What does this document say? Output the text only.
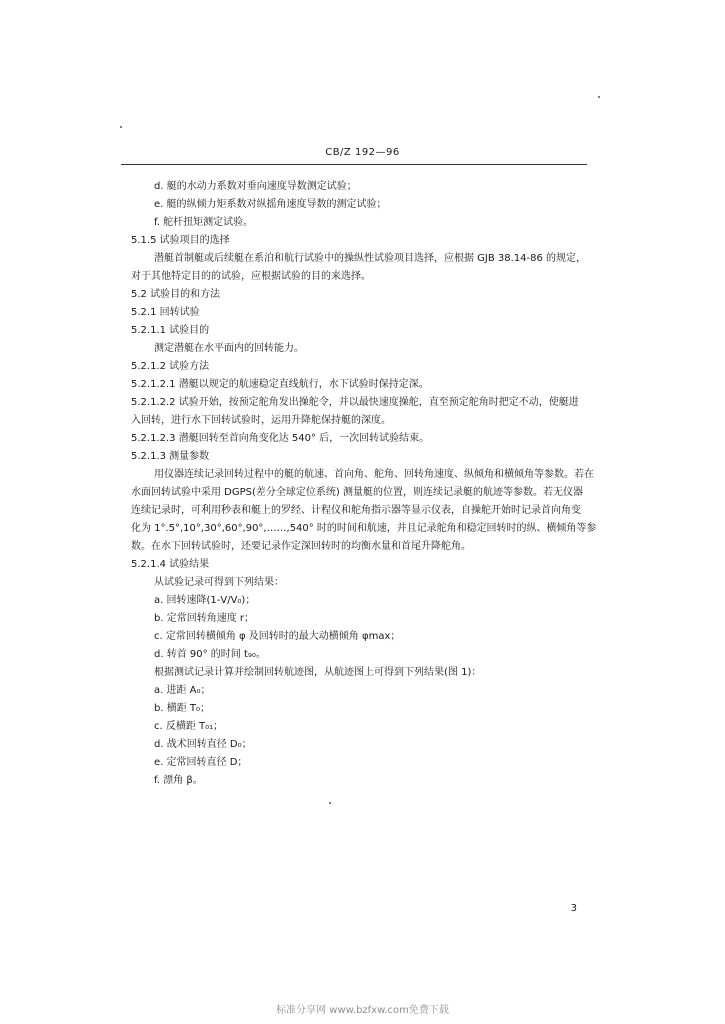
CB/Z 192—96
d. 艇的水动力系数对垂向速度导数测定试验；
e. 艇的纵倾力矩系数对纵摇角速度导数的测定试验；
f. 舵杆扭矩测定试验。
5.1.5 试验项目的选择
潜艇首制艇或后续艇在系泊和航行试验中的操纵性试验项目选择，应根据 GJB 38.14-86 的规定，
对于其他特定目的的试验，应根据试验的目的来选择。
5.2 试验目的和方法
5.2.1 回转试验
5.2.1.1 试验目的
测定潜艇在水平面内的回转能力。
5.2.1.2 试验方法
5.2.1.2.1 潜艇以规定的航速稳定直线航行，水下试验时保持定深。
5.2.1.2.2 试验开始，按预定舵角发出操舵令，并以最快速度操舵，直至预定舵角时把定不动，使艇进
入回转，进行水下回转试验时，运用升降舵保持艇的深度。
5.2.1.2.3 潜艇回转至首向角变化达 540° 后，一次回转试验结束。
5.2.1.3 测量参数
用仪器连续记录回转过程中的艇的航速、首向角、舵角、回转角速度、纵倾角和横倾角等参数。若在
水面回转试验中采用 DGPS(差分全球定位系统) 测量艇的位置，则连续记录艇的航迹等参数。若无仪器
连续记录时，可利用秒表和艇上的罗经、计程仪和舵角指示器等显示仪表，自操舵开始时记录首向角变
化为 1°.5°,10°,30°,60°,90°,……,540° 时的时间和航速，并且记录舵角和稳定回转时的纵、横倾角等参
数。在水下回转试验时，还要记录作定深回转时的均衡水量和首尾升降舵角。
5.2.1.4 试验结果
从试验记录可得到下列结果：
a. 回转速降(1-V/V₀)；
b. 定常回转角速度 r；
c. 定常回转横倾角 φ 及回转时的最大动横倾角 φmax；
d. 转首 90° 的时间 t₉₀。
根据测试记录计算并绘制回转航迹图，从航迹图上可得到下列结果(图 1)：
a. 进距 A₀；
b. 横距 T₀；
c. 反横距 T₀₁；
d. 战术回转直径 D₀；
e. 定常回转直径 D；
f. 漂角 β。
3
标准分享网 www.bzfxw.com免费下载
